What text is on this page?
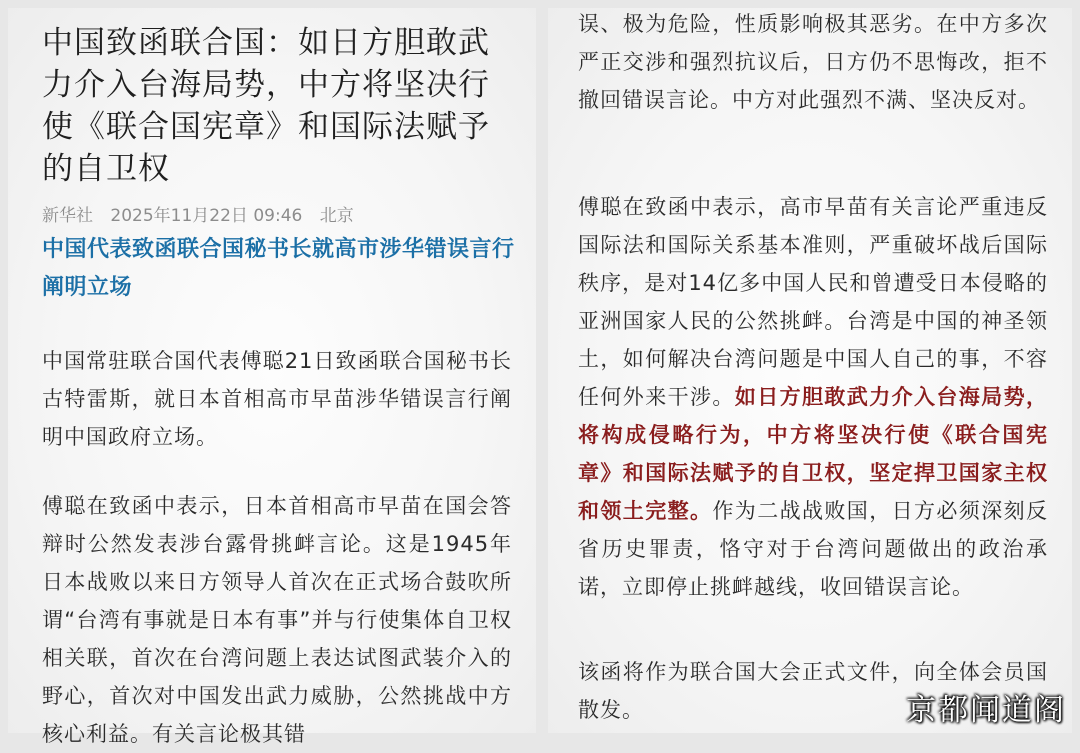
中国致函联合国：如日方胆敢武力介入台海局势，中方将坚决行使《联合国宪章》和国际法赋予的自卫权
新华社 2025年11月22日 09:46 北京
中国代表致函联合国秘书长就高市涉华错误言行阐明立场

中国常驻联合国代表傅聪21日致函联合国秘书长古特雷斯，就日本首相高市早苗涉华错误言行阐明中国政府立场。

傅聪在致函中表示，日本首相高市早苗在国会答辩时公然发表涉台露骨挑衅言论。这是1945年日本战败以来日方领导人首次在正式场合鼓吹所谓“台湾有事就是日本有事”并与行使集体自卫权相关联，首次在台湾问题上表达试图武装介入的野心，首次对中国发出武力威胁，公然挑战中方核心利益。有关言论极其错

误、极为危险，性质影响极其恶劣。在中方多次严正交涉和强烈抗议后，日方仍不思悔改，拒不撤回错误言论。中方对此强烈不满、坚决反对。

傅聪在致函中表示，高市早苗有关言论严重违反国际法和国际关系基本准则，严重破坏战后国际秩序，是对14亿多中国人民和曾遭受日本侵略的亚洲国家人民的公然挑衅。台湾是中国的神圣领土，如何解决台湾问题是中国人自己的事，不容任何外来干涉。如日方胆敢武力介入台海局势，将构成侵略行为，中方将坚决行使《联合国宪章》和国际法赋予的自卫权，坚定捍卫国家主权和领土完整。作为二战战败国，日方必须深刻反省历史罪责，恪守对于台湾问题做出的政治承诺，立即停止挑衅越线，收回错误言论。

该函将作为联合国大会正式文件，向全体会员国散发。	京都闻道阁
